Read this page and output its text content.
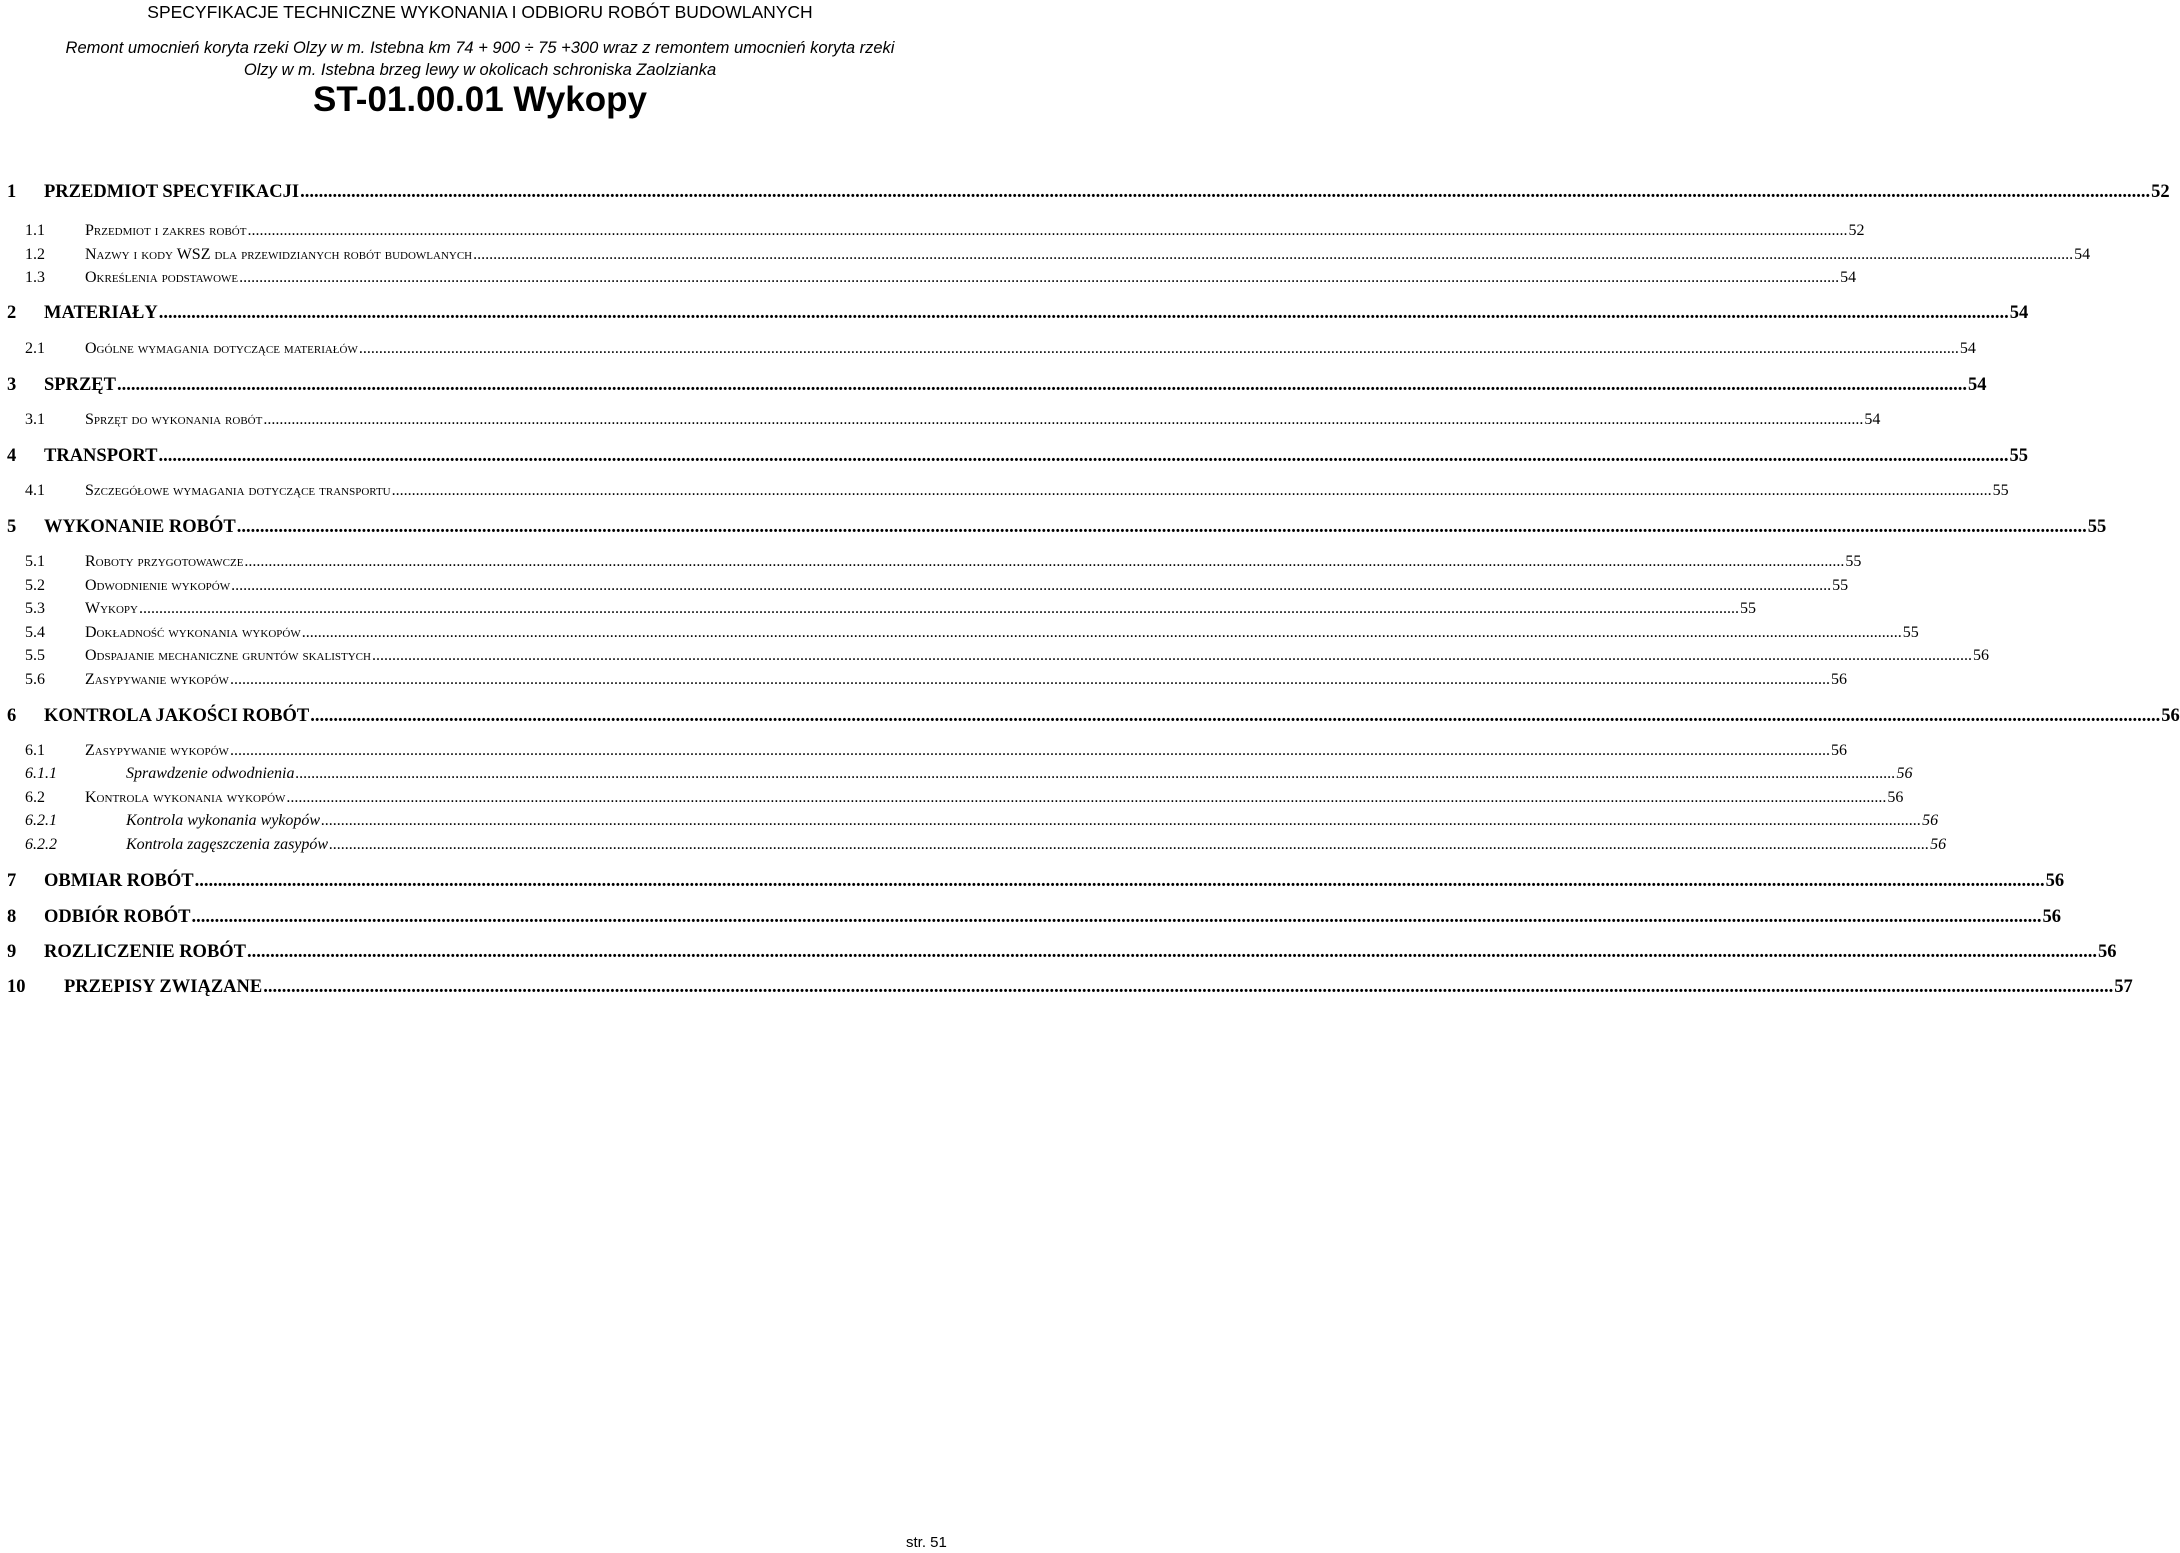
SPECYFIKACJE TECHNICZNE WYKONANIA I ODBIORU ROBÓT BUDOWLANYCH
Remont umocnień koryta rzeki Olzy w m. Istebna km 74 + 900 ÷ 75 +300 wraz z remontem umocnień koryta rzeki
Olzy w m. Istebna brzeg lewy w okolicach schroniska Zaolzianka
ST-01.00.01 Wykopy
1	PRZEDMIOT SPECYFIKACJI ................................................................................................................................................................................................................................................................................................................................................................................................................ 52
1.1	Przedmiot i zakres robót ................................................................................................................................................................................................................................................................................................................................................................................................................ 52
1.2	Nazwy i kody WSZ dla przewidzianych robót budowlanych ................................................................................................................................................................................................................................................................................................................................................................................................................ 54
1.3	Określenia podstawowe ................................................................................................................................................................................................................................................................................................................................................................................................................ 54
2	MATERIAŁY ................................................................................................................................................................................................................................................................................................................................................................................................................ 54
2.1	Ogólne wymagania dotyczące materiałów ................................................................................................................................................................................................................................................................................................................................................................................................................ 54
3	SPRZĘT ................................................................................................................................................................................................................................................................................................................................................................................................................ 54
3.1	Sprzęt do wykonania robót ................................................................................................................................................................................................................................................................................................................................................................................................................ 54
4	TRANSPORT ................................................................................................................................................................................................................................................................................................................................................................................................................ 55
4.1	Szczegółowe wymagania dotyczące transportu ................................................................................................................................................................................................................................................................................................................................................................................................................ 55
5	WYKONANIE ROBÓT ................................................................................................................................................................................................................................................................................................................................................................................................................ 55
5.1	Roboty przygotowawcze ................................................................................................................................................................................................................................................................................................................................................................................................................ 55
5.2	Odwodnienie wykopów ................................................................................................................................................................................................................................................................................................................................................................................................................ 55
5.3	Wykopy ................................................................................................................................................................................................................................................................................................................................................................................................................ 55
5.4	Dokładność wykonania wykopów ................................................................................................................................................................................................................................................................................................................................................................................................................ 55
5.5	Odspajanie mechaniczne gruntów skalistych ................................................................................................................................................................................................................................................................................................................................................................................................................ 56
5.6	Zasypywanie wykopów ................................................................................................................................................................................................................................................................................................................................................................................................................ 56
6	KONTROLA JAKOŚCI ROBÓT ................................................................................................................................................................................................................................................................................................................................................................................................................ 56
6.1	Zasypywanie wykopów ................................................................................................................................................................................................................................................................................................................................................................................................................ 56
6.1.1	Sprawdzenie odwodnienia ................................................................................................................................................................................................................................................................................................................................................................................................................ 56
6.2	Kontrola wykonania wykopów ................................................................................................................................................................................................................................................................................................................................................................................................................ 56
6.2.1	Kontrola wykonania wykopów ................................................................................................................................................................................................................................................................................................................................................................................................................ 56
6.2.2	Kontrola zagęszczenia zasypów ................................................................................................................................................................................................................................................................................................................................................................................................................ 56
7	OBMIAR ROBÓT ................................................................................................................................................................................................................................................................................................................................................................................................................ 56
8	ODBIÓR ROBÓT ................................................................................................................................................................................................................................................................................................................................................................................................................ 56
9	ROZLICZENIE ROBÓT ................................................................................................................................................................................................................................................................................................................................................................................................................ 56
10	PRZEPISY ZWIĄZANE ................................................................................................................................................................................................................................................................................................................................................................................................................ 57
str. 51
